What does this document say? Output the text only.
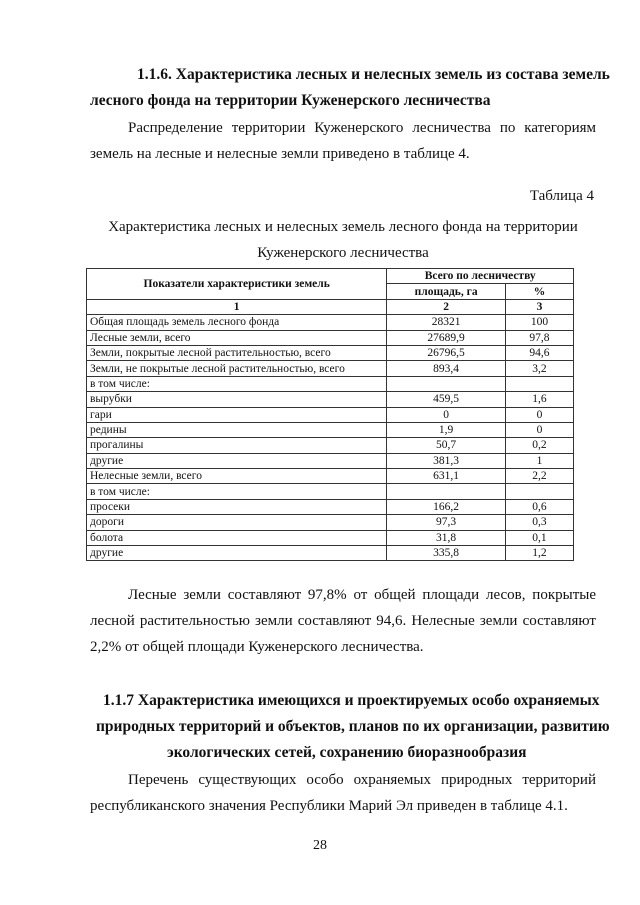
1.1.6. Характеристика лесных и нелесных земель из состава земель
лесного фонда на территории Куженерского лесничества
Распределение территории Куженерского лесничества по категориям земель на лесные и нелесные земли приведено в таблице 4.
Таблица 4
Характеристика лесных и нелесных земель лесного фонда на территории Куженерского лесничества
Показатели характеристики земель	Всего по лесничеству	
	площадь, га	%
1	2	3
Общая площадь земель лесного фонда	28321	100
Лесные земли, всего	27689,9	97,8
Земли, покрытые лесной растительностью, всего	26796,5	94,6
Земли, не покрытые лесной растительностью, всего	893,4	3,2
в том числе:		
вырубки	459,5	1,6
гари	0	0
редины	1,9	0
прогалины	50,7	0,2
другие	381,3	1
Нелесные земли, всего	631,1	2,2
в том числе:		
просеки	166,2	0,6
дороги	97,3	0,3
болота	31,8	0,1
другие	335,8	1,2
Лесные земли составляют 97,8% от общей площади лесов, покрытые лесной растительностью земли составляют 94,6. Нелесные земли составляют 2,2% от общей площади Куженерского лесничества.
1.1.7 Характеристика имеющихся и проектируемых особо охраняемых
природных территорий и объектов, планов по их организации, развитию
экологических сетей, сохранению биоразнообразия
Перечень существующих особо охраняемых природных территорий республиканского значения Республики Марий Эл приведен в таблице 4.1.
28
